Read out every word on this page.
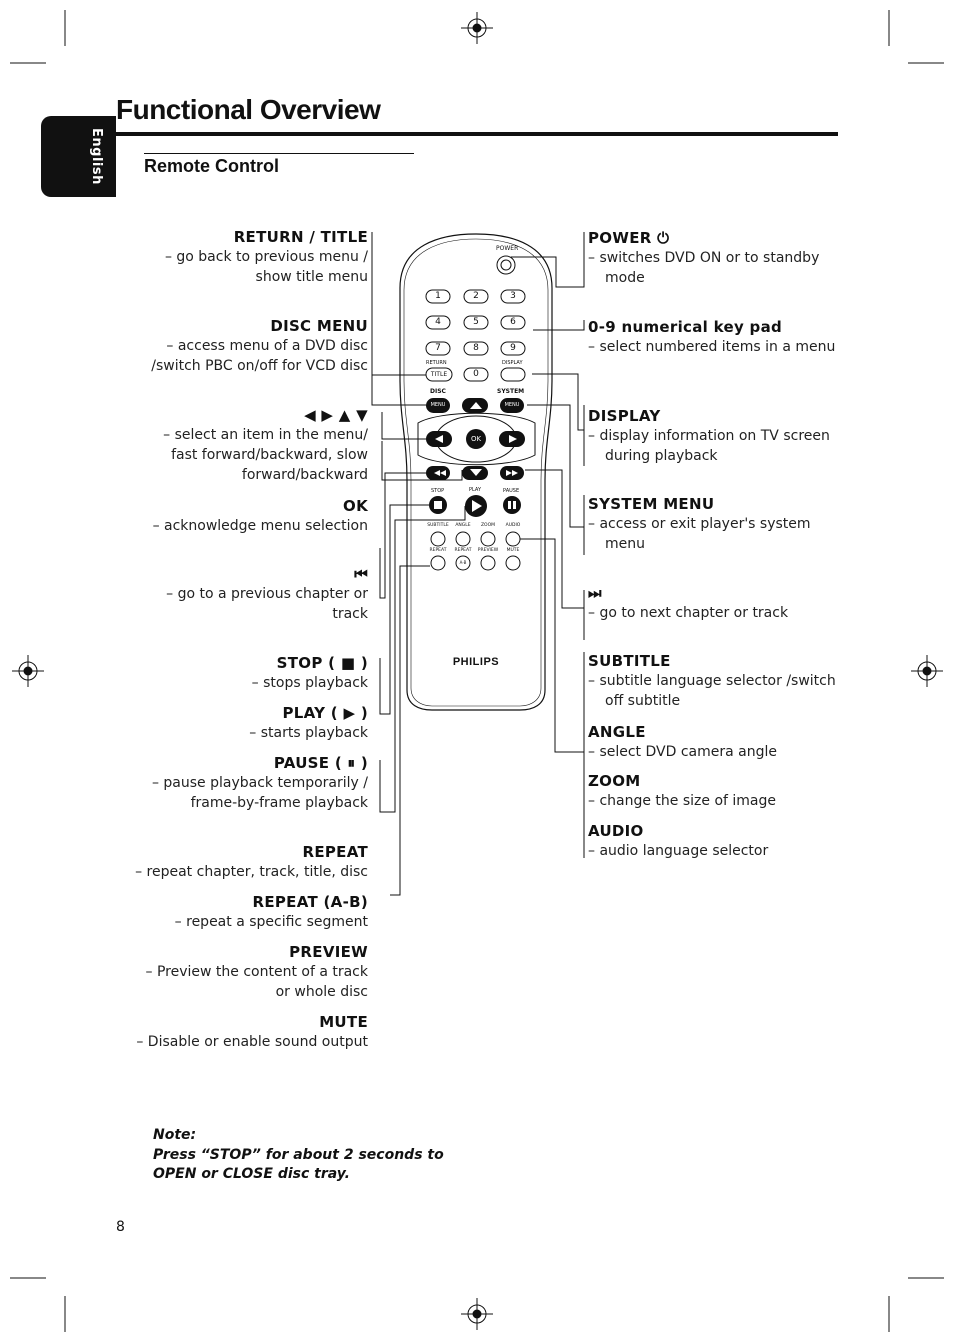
POWER
1	2	3
4	5	6
7	8	9
0
RETURN
TITLE
DISPLAY
DISC	SYSTEM
MENU	MENU
OK
STOP	PLAY	PAUSE
SUBTITLE	ANGLE	ZOOM	AUDIO
REPEAT	REPEAT	PREVIEW	MUTE
A-B
PHILIPS
English
Functional Overview
Remote Control
RETURN / TITLE
– go back to previous menu /
show title menu
DISC MENU
– access menu of a DVD disc
/switch PBC on/off for VCD disc
◀ ▶ ▲ ▼
– select an item in the menu/
fast forward/backward, slow
forward/backward
OK
– acknowledge menu selection
⏮
– go to a previous chapter or
track
STOP ( ■ )
– stops playback
PLAY ( ▶ )
– starts playback
PAUSE ( ⏸ )
– pause playback temporarily /
frame-by-frame playback
REPEAT
– repeat chapter, track, title, disc
REPEAT (A-B)
– repeat a specific segment
PREVIEW
– Preview the content of a track
or whole disc
MUTE
– Disable or enable sound output
POWER ⏻
– switches DVD ON or to standby mode
0-9 numerical key pad
– select numbered items in a menu
DISPLAY
– display information on TV screen during playback
SYSTEM MENU
– access or exit player's system menu
⏭
– go to next chapter or track
SUBTITLE
– subtitle language selector /switch off subtitle
ANGLE
– select DVD camera angle
ZOOM
– change the size of image
AUDIO
– audio language selector
Note:
Press “STOP” for about 2 seconds to
OPEN or CLOSE disc tray.
8
